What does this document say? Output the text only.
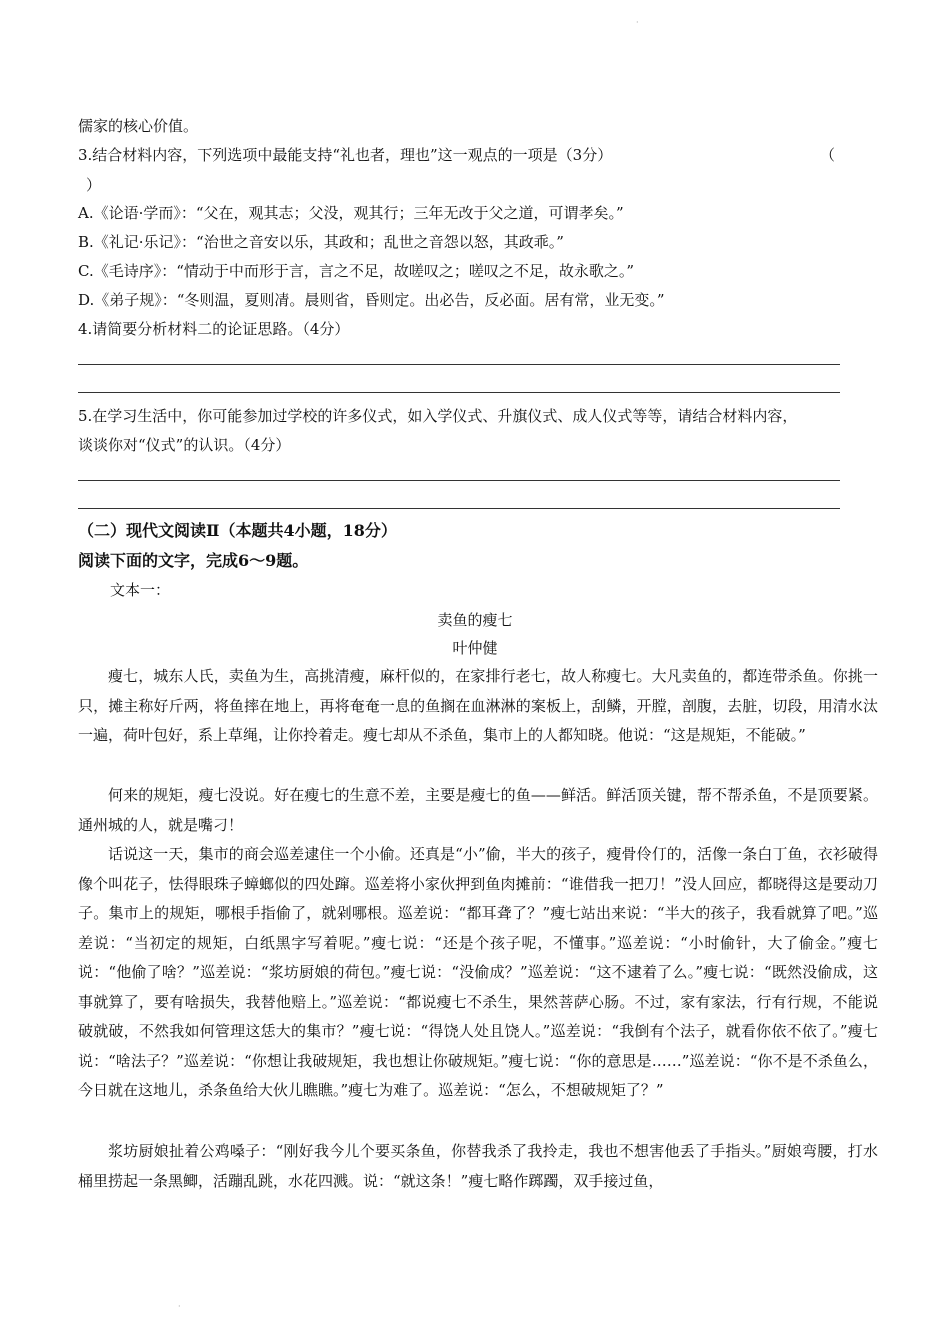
·
儒家的核心价值。
3.结合材料内容，下列选项中最能支持“礼也者，理也”这一观点的一项是（3分）	（
）
A.《论语·学而》：“父在，观其志；父没，观其行；三年无改于父之道，可谓孝矣。”
B.《礼记·乐记》：“治世之音安以乐，其政和；乱世之音怨以怒，其政乖。”
C.《毛诗序》：“情动于中而形于言，言之不足，故嗟叹之；嗟叹之不足，故永歌之。”
D.《弟子规》：“冬则温，夏则凊。晨则省，昏则定。出必告，反必面。居有常，业无变。”
4.请简要分析材料二的论证思路。（4分）
5.在学习生活中，你可能参加过学校的许多仪式，如入学仪式、升旗仪式、成人仪式等等，请结合材料内容，
谈谈你对“仪式”的认识。（4分）
（二）现代文阅读Ⅱ（本题共4小题，18分）
阅读下面的文字，完成6～9题。
文本一：
卖鱼的瘦七
叶仲健
瘦七，城东人氏，卖鱼为生，高挑清瘦，麻杆似的，在家排行老七，故人称瘦七。大凡卖鱼的，都连带杀鱼。你挑一只，摊主称好斤两，将鱼摔在地上，再将奄奄一息的鱼搁在血淋淋的案板上，刮鳞，开膛，剖腹，去脏，切段，用清水汰一遍，荷叶包好，系上草绳，让你拎着走。瘦七却从不杀鱼，集市上的人都知晓。他说：“这是规矩，不能破。”
何来的规矩，瘦七没说。好在瘦七的生意不差，主要是瘦七的鱼——鲜活。鲜活顶关键，帮不帮杀鱼，不是顶要紧。通州城的人，就是嘴刁！
话说这一天，集市的商会巡差逮住一个小偷。还真是“小”偷，半大的孩子，瘦骨伶仃的，活像一条白丁鱼，衣衫破得像个叫花子，怯得眼珠子蟑螂似的四处蹿。巡差将小家伙押到鱼肉摊前：“谁借我一把刀！”没人回应，都晓得这是要动刀子。集市上的规矩，哪根手指偷了，就剁哪根。巡差说：“都耳聋了？”瘦七站出来说：“半大的孩子，我看就算了吧。”巡差说：“当初定的规矩，白纸黑字写着呢。”瘦七说：“还是个孩子呢，不懂事。”巡差说：“小时偷针，大了偷金。”瘦七说：“他偷了啥？”巡差说：“浆坊厨娘的荷包。”瘦七说：“没偷成？”巡差说：“这不逮着了么。”瘦七说：“既然没偷成，这事就算了，要有啥损失，我替他赔上。”巡差说：“都说瘦七不杀生，果然菩萨心肠。不过，家有家法，行有行规，不能说破就破，不然我如何管理这恁大的集市？”瘦七说：“得饶人处且饶人。”巡差说：“我倒有个法子，就看你依不依了。”瘦七说：“啥法子？”巡差说：“你想让我破规矩，我也想让你破规矩。”瘦七说：“你的意思是……”巡差说：“你不是不杀鱼么，今日就在这地儿，杀条鱼给大伙儿瞧瞧。”瘦七为难了。巡差说：“怎么，不想破规矩了？”
浆坊厨娘扯着公鸡嗓子：“刚好我今儿个要买条鱼，你替我杀了我拎走，我也不想害他丢了手指头。”厨娘弯腰，打水桶里捞起一条黑鲫，活蹦乱跳，水花四溅。说：“就这条！”瘦七略作踯躅，双手接过鱼，
·
